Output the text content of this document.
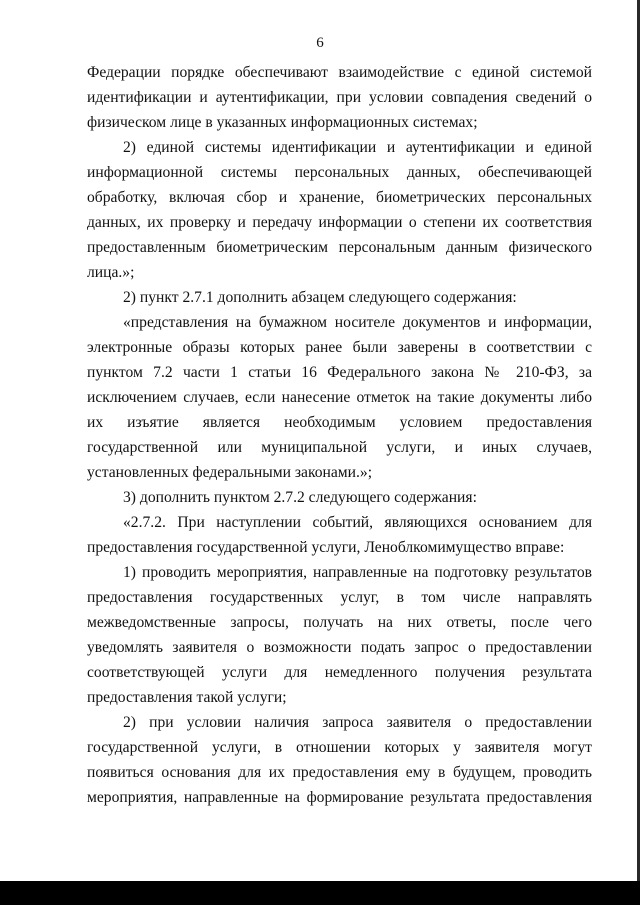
6

Федерации порядке обеспечивают взаимодействие с единой системой идентификации и аутентификации, при условии совпадения сведений о физическом лице в указанных информационных системах;

2) единой системы идентификации и аутентификации и единой информационной системы персональных данных, обеспечивающей обработку, включая сбор и хранение, биометрических персональных данных, их проверку и передачу информации о степени их соответствия предоставленным биометрическим персональным данным физического лица.»;

2) пункт 2.7.1 дополнить абзацем следующего содержания:

«представления на бумажном носителе документов и информации, электронные образы которых ранее были заверены в соответствии с пунктом 7.2 части 1 статьи 16 Федерального закона № 210-ФЗ, за исключением случаев, если нанесение отметок на такие документы либо их изъятие является необходимым условием предоставления государственной или муниципальной услуги, и иных случаев, установленных федеральными законами.»;

3) дополнить пунктом 2.7.2 следующего содержания:

«2.7.2. При наступлении событий, являющихся основанием для предоставления государственной услуги, Леноблкомимущество вправе:

1) проводить мероприятия, направленные на подготовку результатов предоставления государственных услуг, в том числе направлять межведомственные запросы, получать на них ответы, после чего уведомлять заявителя о возможности подать запрос о предоставлении соответствующей услуги для немедленного получения результата предоставления такой услуги;

2) при условии наличия запроса заявителя о предоставлении государственной услуги, в отношении которых у заявителя могут появиться основания для их предоставления ему в будущем, проводить мероприятия, направленные на формирование результата предоставления
